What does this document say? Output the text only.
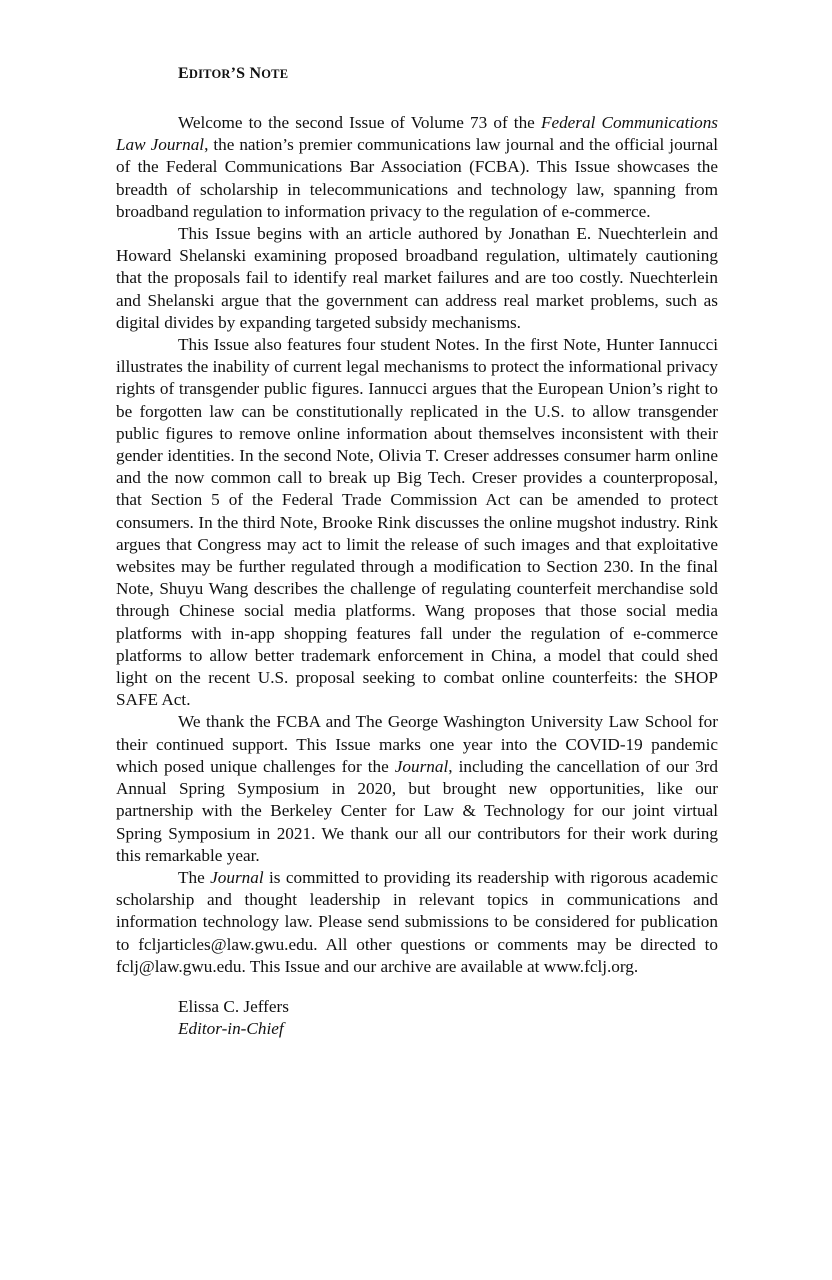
EDITOR’S NOTE

Welcome to the second Issue of Volume 73 of the Federal Communications Law Journal, the nation’s premier communications law journal and the official journal of the Federal Communications Bar Association (FCBA). This Issue showcases the breadth of scholarship in telecommunications and technology law, spanning from broadband regulation to information privacy to the regulation of e-commerce.

This Issue begins with an article authored by Jonathan E. Nuechterlein and Howard Shelanski examining proposed broadband regulation, ultimately cautioning that the proposals fail to identify real market failures and are too costly. Nuechterlein and Shelanski argue that the government can address real market problems, such as digital divides by expanding targeted subsidy mechanisms.

This Issue also features four student Notes. In the first Note, Hunter Iannucci illustrates the inability of current legal mechanisms to protect the informational privacy rights of transgender public figures. Iannucci argues that the European Union’s right to be forgotten law can be constitutionally replicated in the U.S. to allow transgender public figures to remove online information about themselves inconsistent with their gender identities. In the second Note, Olivia T. Creser addresses consumer harm online and the now common call to break up Big Tech. Creser provides a counterproposal, that Section 5 of the Federal Trade Commission Act can be amended to protect consumers. In the third Note, Brooke Rink discusses the online mugshot industry. Rink argues that Congress may act to limit the release of such images and that exploitative websites may be further regulated through a modification to Section 230. In the final Note, Shuyu Wang describes the challenge of regulating counterfeit merchandise sold through Chinese social media platforms. Wang proposes that those social media platforms with in-app shopping features fall under the regulation of e-commerce platforms to allow better trademark enforcement in China, a model that could shed light on the recent U.S. proposal seeking to combat online counterfeits: the SHOP SAFE Act.

We thank the FCBA and The George Washington University Law School for their continued support. This Issue marks one year into the COVID-19 pandemic which posed unique challenges for the Journal, including the cancellation of our 3rd Annual Spring Symposium in 2020, but brought new opportunities, like our partnership with the Berkeley Center for Law & Technology for our joint virtual Spring Symposium in 2021. We thank our all our contributors for their work during this remarkable year.

The Journal is committed to providing its readership with rigorous academic scholarship and thought leadership in relevant topics in communications and information technology law. Please send submissions to be considered for publication to fcljarticles@law.gwu.edu. All other questions or comments may be directed to fclj@law.gwu.edu. This Issue and our archive are available at www.fclj.org.

Elissa C. Jeffers
Editor-in-Chief
